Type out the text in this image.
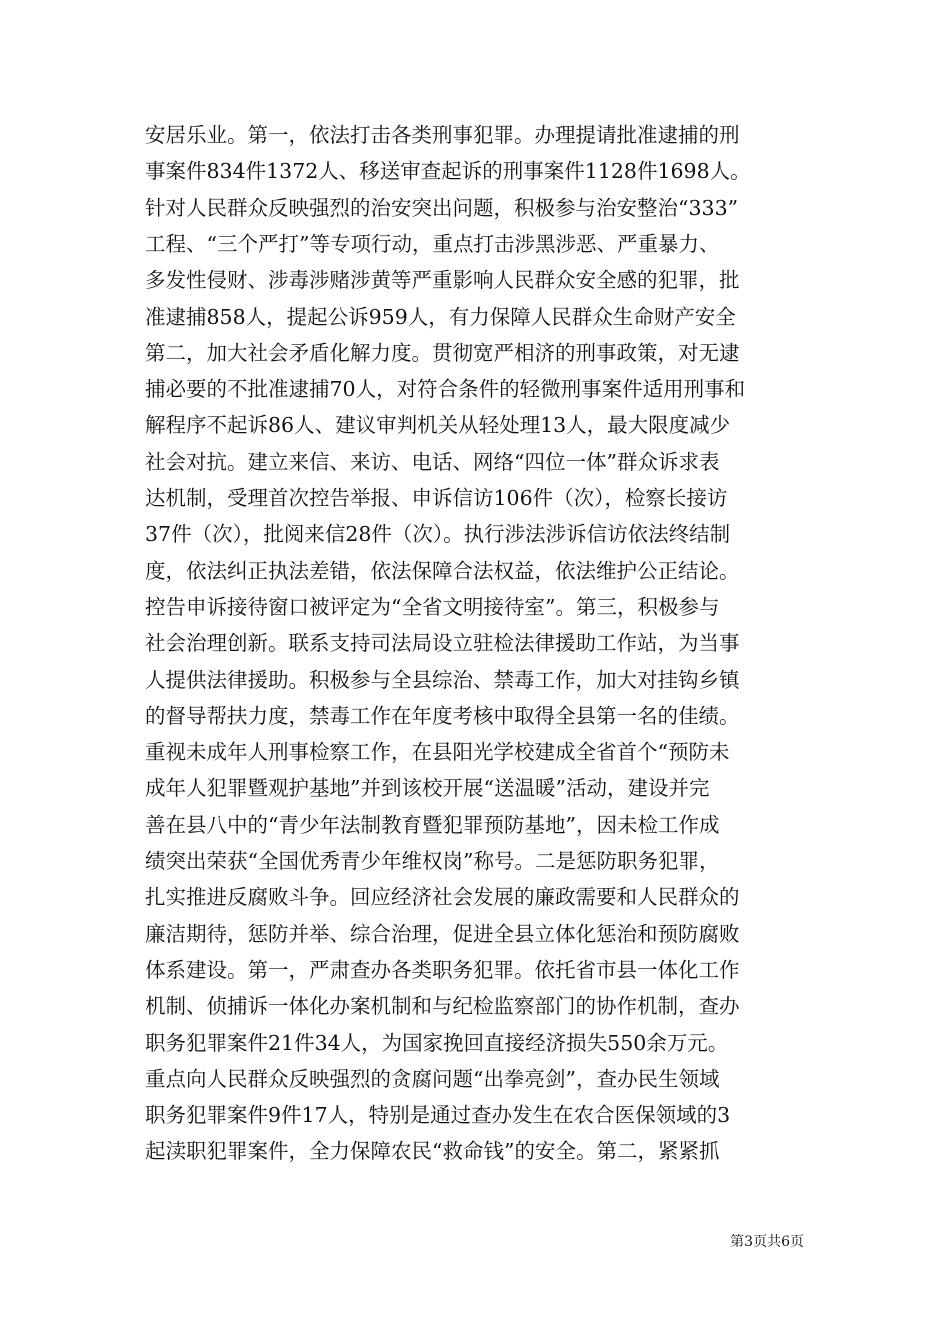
安居乐业。第一，依法打击各类刑事犯罪。办理提请批准逮捕的刑
事案件834件1372人、移送审查起诉的刑事案件1128件1698人。
针对人民群众反映强烈的治安突出问题，积极参与治安整治“333”
工程、“三个严打”等专项行动，重点打击涉黑涉恶、严重暴力、
多发性侵财、涉毒涉赌涉黄等严重影响人民群众安全感的犯罪，批
准逮捕858人，提起公诉959人，有力保障人民群众生命财产安全
第二，加大社会矛盾化解力度。贯彻宽严相济的刑事政策，对无逮
捕必要的不批准逮捕70人，对符合条件的轻微刑事案件适用刑事和
解程序不起诉86人、建议审判机关从轻处理13人，最大限度减少
社会对抗。建立来信、来访、电话、网络“四位一体”群众诉求表
达机制，受理首次控告举报、申诉信访106件（次），检察长接访
37件（次），批阅来信28件（次）。执行涉法涉诉信访依法终结制
度，依法纠正执法差错，依法保障合法权益，依法维护公正结论。
控告申诉接待窗口被评定为“全省文明接待室”。第三，积极参与
社会治理创新。联系支持司法局设立驻检法律援助工作站，为当事
人提供法律援助。积极参与全县综治、禁毒工作，加大对挂钩乡镇
的督导帮扶力度，禁毒工作在年度考核中取得全县第一名的佳绩。
重视未成年人刑事检察工作，在县阳光学校建成全省首个“预防未
成年人犯罪暨观护基地”并到该校开展“送温暖”活动，建设并完
善在县八中的“青少年法制教育暨犯罪预防基地”，因未检工作成
绩突出荣获“全国优秀青少年维权岗”称号。二是惩防职务犯罪，
扎实推进反腐败斗争。回应经济社会发展的廉政需要和人民群众的
廉洁期待，惩防并举、综合治理，促进全县立体化惩治和预防腐败
体系建设。第一，严肃查办各类职务犯罪。依托省市县一体化工作
机制、侦捕诉一体化办案机制和与纪检监察部门的协作机制，查办
职务犯罪案件21件34人，为国家挽回直接经济损失550余万元。
重点向人民群众反映强烈的贪腐问题“出拳亮剑”，查办民生领域
职务犯罪案件9件17人，特别是通过查办发生在农合医保领域的3
起渎职犯罪案件，全力保障农民“救命钱”的安全。第二，紧紧抓
第3页共6页
